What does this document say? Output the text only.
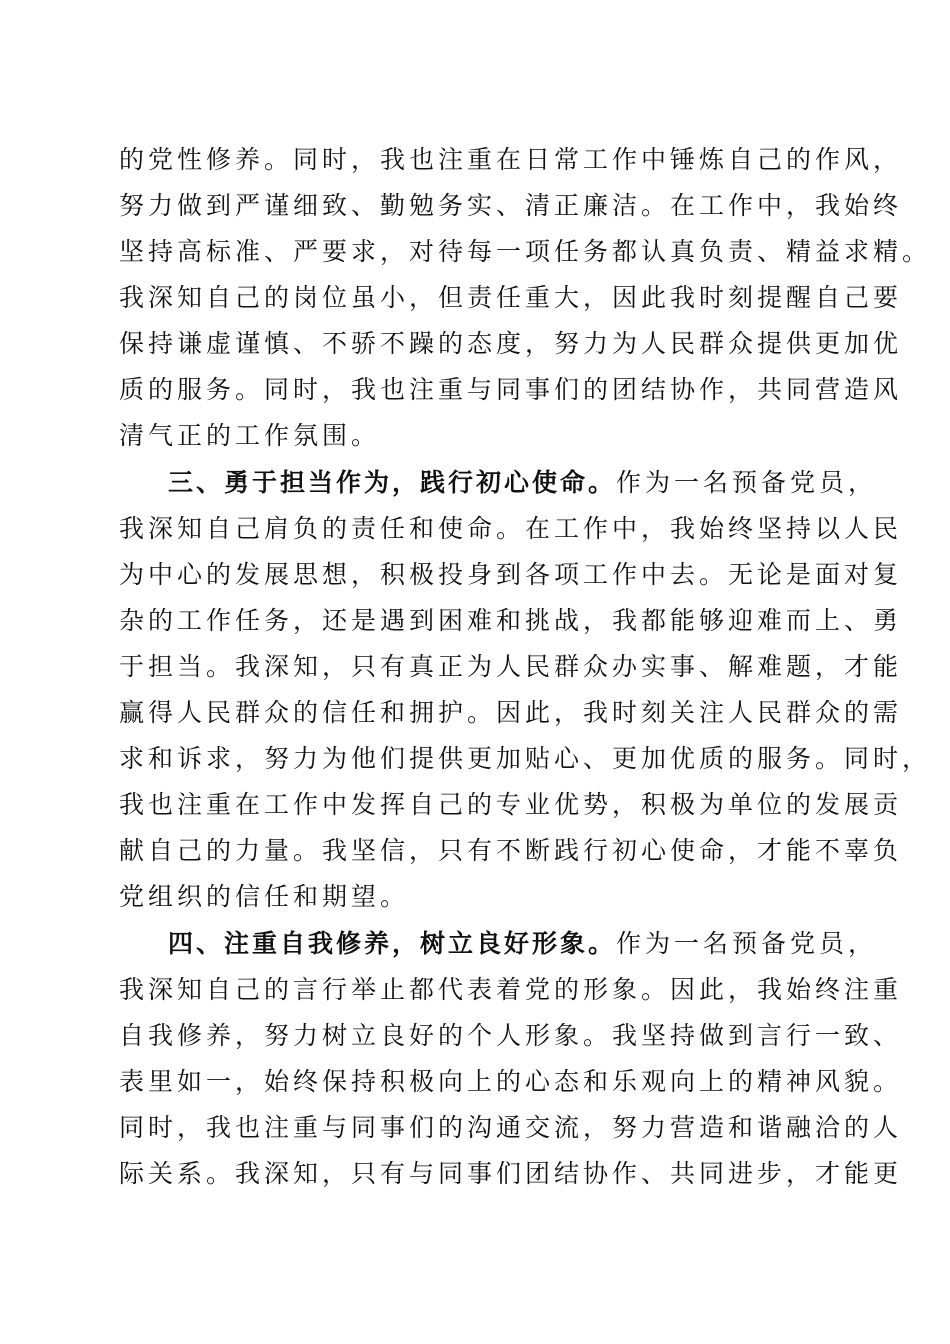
的党性修养。同时，我也注重在日常工作中锤炼自己的作风，
努力做到严谨细致、勤勉务实、清正廉洁。在工作中，我始终
坚持高标准、严要求，对待每一项任务都认真负责、精益求精。
我深知自己的岗位虽小，但责任重大，因此我时刻提醒自己要
保持谦虚谨慎、不骄不躁的态度，努力为人民群众提供更加优
质的服务。同时，我也注重与同事们的团结协作，共同营造风
清气正的工作氛围。
三、勇于担当作为，践行初心使命。作为一名预备党员，
我深知自己肩负的责任和使命。在工作中，我始终坚持以人民
为中心的发展思想，积极投身到各项工作中去。无论是面对复
杂的工作任务，还是遇到困难和挑战，我都能够迎难而上、勇
于担当。我深知，只有真正为人民群众办实事、解难题，才能
赢得人民群众的信任和拥护。因此，我时刻关注人民群众的需
求和诉求，努力为他们提供更加贴心、更加优质的服务。同时，
我也注重在工作中发挥自己的专业优势，积极为单位的发展贡
献自己的力量。我坚信，只有不断践行初心使命，才能不辜负
党组织的信任和期望。
四、注重自我修养，树立良好形象。作为一名预备党员，
我深知自己的言行举止都代表着党的形象。因此，我始终注重
自我修养，努力树立良好的个人形象。我坚持做到言行一致、
表里如一，始终保持积极向上的心态和乐观向上的精神风貌。
同时，我也注重与同事们的沟通交流，努力营造和谐融洽的人
际关系。我深知，只有与同事们团结协作、共同进步，才能更
